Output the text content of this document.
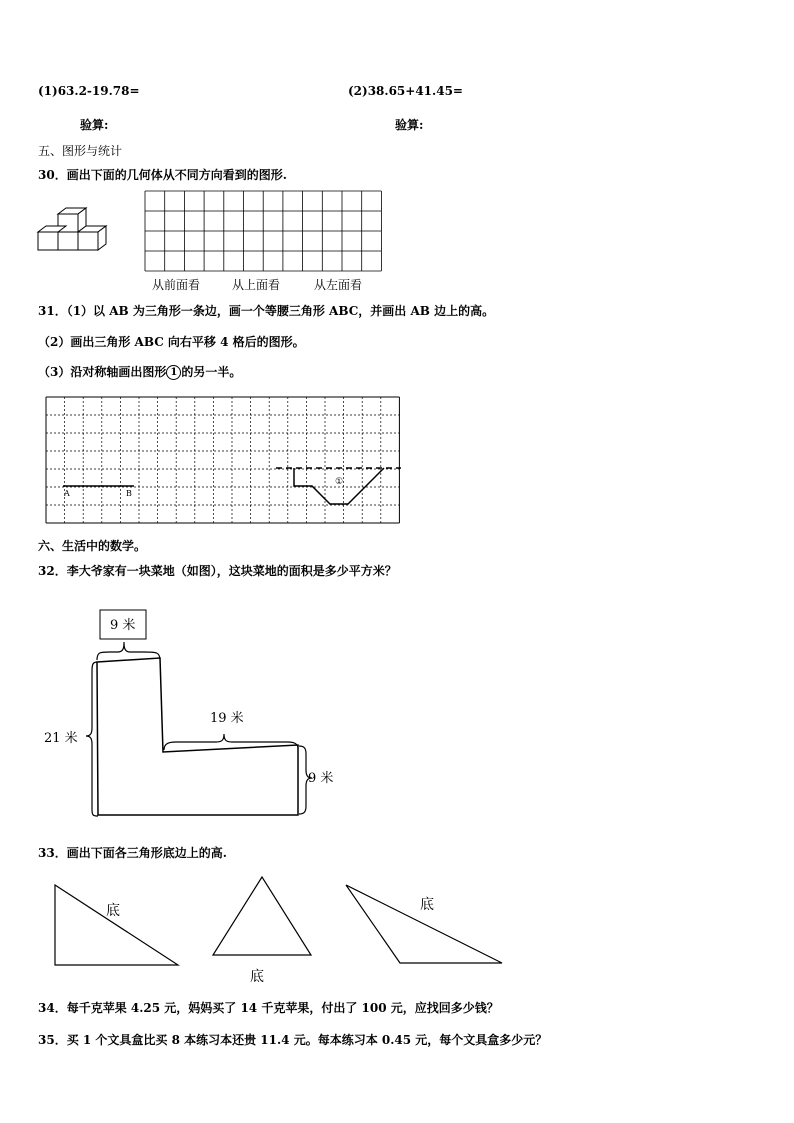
(1)63.2-19.78=	(2)38.65+41.45=
验算:	验算:
五、图形与统计
30．画出下面的几何体从不同方向看到的图形.
从前面看	从上面看	从左面看
31．（1）以 AB 为三角形一条边，画一个等腰三角形 ABC，并画出 AB 边上的高。
（2）画出三角形 ABC 向右平移 4 格后的图形。
（3）沿对称轴画出图形 1 的另一半。
A	B
①
六、生活中的数学。
32．李大爷家有一块菜地（如图），这块菜地的面积是多少平方米？
9 米
21 米
19 米
9 米
33．画出下面各三角形底边上的高.
底
底
底
34．每千克苹果 4.25 元，妈妈买了 14 千克苹果，付出了 100 元，应找回多少钱？
35．买 1 个文具盒比买 8 本练习本还贵 11.4 元。每本练习本 0.45 元，每个文具盒多少元？
